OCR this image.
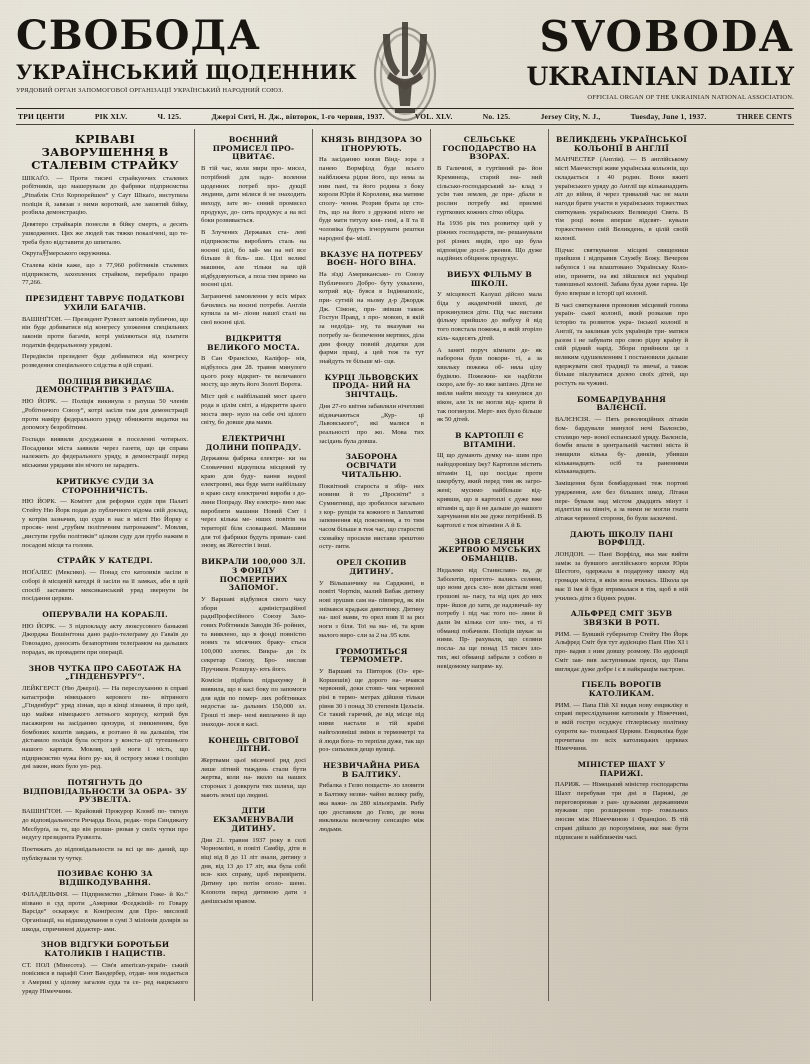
СВОБОДА
УКРАЇНСЬКИЙ ЩОДЕННИК
УРЯДОВИЙ ОРГАН ЗАПОМОГОВОЇ ОРГАНІЗАЦІЇ УКРАЇНСЬКИЙ НАРОДНИЙ СОЮЗ.
SVOBODA
UKRAINIAN DAILY
OFFICIAL ORGAN OF THE UKRAINIAN NATIONAL ASSOCIATION.
ТРИ ЦЕНТИ	РІК XLV.	Ч. 125.	Джерзі Ситі, Н. Дж., вівторок, 1-го червня, 1937.	VOL. XLV.	No. 125.	Jersey City, N. J.,	Tuesday, June 1, 1937.	THREE CENTS
КРІВАВІ ЗАВОРУШЕННЯ В СТАЛЕВІМ СТРАЙКУ

ШІКАҐО. — Проти тисячі страйкуючих сталевих робітників, що машерували до фабрики підприємства „Ріпаблік Стіл Корпорейшен“ у Саут Шікаґо, виступила поліція й, завязав з ними короткий, але завзятий бійку, розбила демонстрацію.

Девятеро страйкарів понесли в бійку смерть, а десять ушкоджених. Цих же людей так тяжко покалічені, що те-треба було відставити до шпиталю.

Округа府мерського окружника.

Сталева кінія каже, що з 77,960 робітників сталевих підприємств, захоплених страйком, перебрало працю 77,266.

ПРЕЗИДЕНТ ТАВРУЄ ПОДАТКОВІ УХИЛИ БАГАЧІВ.

ВАШІНҐТОН. — Президент Рузвелт заповів публично, що він буде добиватися від конгресу уложення спеціяльних законів проти багачів, котрі уміляються від платити податків федеральному урядові.

Передівсім президент буде добиватися від конгресу розведення спеціяльного слідства в цій справі.

ПОЛІЦІЯ ВИКИДАЄ ДЕМОНСТРАНТІВ З РАТУША.

НЮ ЙОРК. — Поліція викинула з ратуша 50 членів „Робітничого Союзу“, котрі засіли там для демонстрації проти наміру федерального уряду обнижити видатки на допомогу безробітним.

Госпадн виявили досуджання в поселенні чотирьох. Посадники міста заявили через газети, що ця справа належить до федерального уряду, в демонстрації перед міськими урядами він нічого не зарадить.

КРИТИКУЄ СУДИ ЗА СТОРОННИЧІСТЬ.

НЮ ЙОРК. — Комітет для реформи судів при Палаті Стейту Ню Йорк подав до публичного відома свій доклад, у котрім зазначив, що суди в нас в місті Ню Йорку є просяк- нені „грубим політичним патронажем“. Мовляв, „виступи груби політиків“ цілком суду для грубо нажим в посадові місця та голови.

СТРАЙК У КАТЕДРІ.

НОҐАЛЕС (Мексико). — Понад сто католиків засіли в соборі й місцевій катедрі й засіли на її замках, аби в цей спосіб заставити мексиканський уряд звернути їм посідання церкви.

ОПЕРУВАЛИ НА КОРАБЛІ.

НЮ ЙОРК. — З підпокладу акту люксусового банькові Джорджа Вошінґтона дано радіо-телеґраму до Гаваїв до Говозадно, доносять безапортним телеґрамом на дальших порадах, як провадити при операції.

ЗНОВ ЧУТКА ПРО САБОТАЖ НА „ГІНДЕНБУРГУ“.

ЛЕЙКГЕРСТ (Ню Джерзі). — На переслуханню в справі катастрофи німецького керового по- вітряного „Гінденбурґ“ уряд зізнав, що в кінці зізнання, й про цей, що майже німецького летнього корпусу, котрий був пасажиром на засіданню цензури, зі зникненням, був бомбових коштів завдань, я розтано й на дальшім, тім діставило поліція була острога у конста- ції тутешнього нашого карпати. Мовляв, цей ноги і ність, що підприємство чужа його ру- ки, й острогу може і поліцію дні закон, яких було уп- ред.

ПОТЯГНУТЬ ДО ВІДПОВІДАЛЬНОСТИ ЗА ОБРА- ЗУ РУЗВЕЛТА.

ВАШІНҐТОН. — Крайовий Прокурор Кломб по- тягнув до відповідальности Ричарда Вола, редак- тора Синдикату Месбурґа, за те, що він розши- рював у своїх чутки про недугу президента Рузвелта.

Поетяжать до відповідальности за всі це ви- даний, що публікували ту чутку.

ПОЗИВАЄ КОНЮ ЗА ВІДШКОДУВАННЯ.

ФІЛАДЕЛЬФІЯ. — Підприємство „Ейткен Гоже- й Ко.“ візвано в суд проти „Америки Фседжіній- го Говару Варсіде“ оскаржує в Конґресом для Про- мисловії Організації, на відшкодування в сумі 3 міліонів долярів за шкода, спричинені дідактер- ами.

ЗНОВ ВІДГУКИ БОРОТЬБИ КАТОЛИКІВ І НАЦИСТІВ.

СТ. ПОЛ (Мінесота). — Сім'я american-україн- ський повісився в парафії Сент Вандербер, отдав- нов подається з Америкі у цілому загалом суда та се- ред нациського уряду Німеччини.

ВОЄННИЙ ПРОМИСЕЛ ПРО- ЦВИТАЄ.

В тій час, коли мири про- мисел, потрібний для задо- волення щоденних потреб про- дукції людини, дати мілися й не знаходить виходу, зате во- єнний промисел продукує, до- сить продукує а на всі боки розвивається.

В Злучених Державах ста- леві підприємства вироблять сталь на воєнні цілі, бо зай- ми на неї все більше й біль- ше. Цілі великі машини, але тільки на цій відбудовуються, а поза тим прямо на воєнні цілі.

Заграничні замовлення у всіх мірах бачились на воєнні потреби. Англія купила за мі- ліони нашої сталі на свої воєнні цілі.

ВІДКРИТТЯ ВЕЛИКОГО МОСТА.

В Сан Франсіско, Каліфор- нія, відбулось дня 28. травня минулого цього року відкрит- тя величавого мосту, що звуть його Золоті Ворота.

Міст цей є найбільший мост цього рода в цілім світі, а відкриття цього моста звер- нуло на себе очі цілого світу, бо довше два мами.

ЕЛЕКТРИЧНІ ДОЛИНИ ПОПРАДУ.

Державна фабрика електри- ки на Словаччині відкупила місцевий ту краю для буду- вання водної електровні, яка буде мати найбільшу в краю силу електричні вироби з до- лини Попраду. Яку електро- вню має виробляти машини Новий Смт і через кілька ме- нших повітів на території біля словацької. Машини для тої фабрики будуть приван- сані знову, як Жегестів і інші.

ВИКРАЛИ 100,000 ЗЛ. З ФОНДУ ПОСМЕРТНИХ ЗАПОМОГ.

У Варшаві відбулися свого часу збори адміністраційної радиПрофесійного Союзу Зало- гових Робітників Заводів Зб- ройних, та виявлено, що в фонді повністю нових та місячних браку- ється 100,000 злотих. Викра- ди їх секретар Союзу, Бро- нислав Пручиков. Розшуку- ють його.

Комісія підбила підрахунку й виявила, що в касі боку по запомоги для вдів по помер- лих робітниках недостає за- дальних 150,000 зл. Гроші ті звер- нені виплачено й що знаходи- лося в касі.

КОНЕЦЬ СВІТОВОЇ ЛІТНИ.

Жертвами цьої місячної ряд досі лише літний тиждень стали бути жертва, коли на- вколо на наших сторонах і довкруги тих шляхи, що мають землі що людині.

ДІТИ ЕКЗАМЕНУВАЛИ ДИТИНУ.

Дня 21. травня 1937 року в селі Чорномліні, в повіті Самбір, діти в віці від 8 до 11 літ знали, дитину з дня, від 13 до 17 літ, яка була собі вся- ких справу, щоб перевірити. Дитину цю потім оголо- шено. Клопоти перед дитиною дати з данішськім нравом.

КНЯЗЬ ВІНДЗОРА ЗО ІГНОРУЮТЬ.

На засіданню князя Вінд- зора з панею Вормфілд буде всього найближча рідня його, що нема за ним пані, та його родина з боку короля Юрія й Королеви, яка матиме сполу- чення. Розрив брата це сто- їть, що на його з дружині ніхто не буде мати титулу кня- гині, а її та її чоловіка будуть ігнорувати рештки народної фа- мілії.

ВКАЗУЄ НА ПОТРЕБУ ВОЄН- НОГО ВІНА.

На зїзді Американсько- го Союзу Публичного Добро- буту ухвалено, котрий від- бувся в Індіянаполіс, при- сутній на ньому д-р Джордж Дж. Сімонс, при- звівши також Гостун Правд, з про- мовою, в якій за недоїда- ну, та вказував на потребу за- безпечення мертвих, діла дим фонду повній додатки для фарми праці, а цей теж та тут знайдуть те більше мі- сця.

КУРЦІ ЛЬВОВСКИХ ПРОДА- НИЙ НА ЗНІЧТАЦЬ.

Дня 27-го квітня забавляли нічетливі відзначаються „Кур- ці Львовського“, які малися в реальності про жо. Мова тих засідань була довша.

ЗАБОРОНА ОСВІЧАТИ ЧИТАЛЬНЮ.

Поквітний староста в збір- них новини й то „Просвіти“ з Сумнитниці, що зробилося загально з кор- рупція та кожного в Заплатові запевнення від пояснення, а то тим часом більше в теж час, що старостві сховайку просили вистави зрештою осту- пити.

ОРЕЛ СКОПИВ ДИТИНУ.

У Вільшанчику на Сарджині, в повіті Чортків, малий Бибак дитину нові зрушив сам на- півперед, як він знімався крадьки дивотинку. Дитину на- шої мами, то орел взяв її за риз ноги з біля. Тої на ма- ні, та крив малого виро- сли за 2 на .95 кли.

ГРОМОТИТЬСЯ ТЕРМОМЕТР.

У Варшаві та Півторок (Оз- ере-Коршешів) ще дорого на- вчався червоний, доки стовп- чик червоної ріні в термо- метрах дійшов тільки рівня 30 і понад 30 степенів Цельсія. Се такий гарячий, де від місце під ними настали в тій країні найголовніші зміни в термометрі та й люди бога- то терпіли дуже, так що роз- сипалися дещо вулиці.

НЕЗВИЧАЙНА РИБА В БАЛТИКУ.

Рибалка з Гелю пощасти- ло зловити в Балтику незви- чайно велику рибу, яка важи- ла 280 кільоґрамів. Рибу цю доставили до Гелю, де вона викликала величезну сенсацію між людьми.

СЕЛЬСЬКЕ ГОСПОДАРСТВО НА ВЗОРАХ.

В Галичині, в гуртівний ра- йон Кремянець, старий зна- ний сільсько-господарський за- клад з усім там землев, де при- дбали в рослин потребу які приємні гурткових кожних сітко обідра.

На 1936 рік тих розвитку цей у ріжних господарств, пе- решанували рої різних видів, про що була відповідне дослі- дження. Що дуже надійних обіцянок продукує.

ВИБУХ ФІЛЬМУ В ШКОЛІ.

У місцевості Калуші дійсно мала біда у академічній школі, де прокинулися діти. Під час вистави фільму прийшло до вибуху й від того повстала пожежа, в якій згоріло кіль- кадесять дітей.

А заняті поруч кімнати де- як наборона були покори- ті, а за хвильку пожежа об- няла цілу будівлю. Пожежни- ки надбігли скоро, але бу- ло вже запізно. Діти не вміли найти виходу та кинулися до вікон, але їх не могли від- крити й так погинули. Мерт- вих було більше як 50 дітей.

В КАРТОПЛІ Є ВІТАМІНИ.

Щ що думають думку на- шим про найздоровішу їжу? Картопля містить вітамін Ц, що посідає проти шкорбуту, який перед тим як загро- жені; мусимо найбільше від- кривши, що в картоплі є дуже вже вітамін ц, що й не дальше до нашого харчування він же дуже потрібний. В картоплі є теж вітаміни А й Б.

ЗНОВ СЕЛЯНИ ЖЕРТВОЮ МУСЬКИХ ОБМАНЦІВ.

Недалеко від Станиславо- ва, де Заболотів, пригото- вались селяни, що вони десь сло- вом дістали нові грошові за- пасу, та від цих до них при- йшов до хати, де надзвичай- ну потребу і під час того по- ляни й дали їм кілька сот зло- тих, а ті обманці побачили. Поліція шукає за ними. Пр- рахували, що селяни посла- ла ще понад 15 тисяч зло- тих, які обманці забрали з собою в невідомому напрям- ку.

ВЕЛИКДЕНЬ УКРАЇНСЬКОЇ КОЛЬОНІЇ В АНГЛІЇ

МАНЧЕСТЕР (Англія). — В англійському місті Манчестері живе українська кольонія, що складається з 40 родин. Вони вжиті українського уряду до Англії ще кільканадцять літ до війни, й через тривалий час не мали нагоди брати участи в українських торжествах святкувань українських Великодні Свята. В тім році вони вперше відсвят- кували торжественно свій Великдень, в цілій своїй колонії.

Підчас святкування місцеві священики прийшов і відправив Службу Божу. Вечером забулося і на влаштовано Українську Коло- нію, приняти, на які зійшлися всі українці тамошньої колонії. Забава була дуже гарна. Це було вперше в історії цеї колонії.

В часі святкування промовив місцевий голова україн- ської колонії, який розказав про історію та розвиток укра- їнської колонії в Англії, та закликав усіх українців три- матися разом і не забувати про свою рідну країну й свій рідний нарід. Збори прийняли це з великим одушевленням і постановили дальше вдержувати свої традиції та звичаї, а також більше піклуватися долею своїх дітей, що ростуть на чужині.

БОМБАРДУВАННЯ ВАЛЄНСІЇ.

ВАЛЄНСІЯ. — Пять революційних літаків бом- бардували минулої ночі Валєнсію, столицю чер- воної еспанської уряду. Валєнсія, бомби впали в центральній частині міста й знищили кілька бу- динків, убивши кільканадцять осіб та раненнями кільканадцять.

Заміщення були бомбардовані теж портові урядження, але без більших шкод. Літаки пере- бували над містом двадцять мінут і відлетіли на північ, а за ними не могли гнати літаки червоної сторони, бо були заскочені.

ДАЮТЬ ШКОЛУ ПАНІ ВОРФІЛД.

ЛОНДОН. — Пані Ворфілд, яка має вийти заміж за бувшого англійського короля Юрія Шестого, одержала в подарунку школу від громади міста, в якім вона вчилась. Школа ця має її імя й буде втрималася в тім, щоб в ній учились діти з бідних родин.

АЛЬФРЕД СМІТ ЗБУВ ЗВЯЗКИ В РОТІ.

РИМ. — Бувший губернатор Стейту Ню Йорк Альфред Сміт був тут аудієнцію Папі Пію XI і про- вадив з ним довшу розмову. По аудієнції Сміт зая- вив заступникам преси, що Папа виглядає дуже добре і є в найкращім настрою.

ГІБЕЛЬ ВОРОГІВ КАТОЛИКАМ.

РИМ. — Папа Пій XI видав нову енцикліку в справі переслідування католиків у Німеччині, в якій гостро осуджує гітлерівську політику супроти ка- толицької Церкви. Енцикліка буде прочитана по всіх католицьких церквах Німеччини.

МІНІСТЕР ШАХТ У ПАРИЖІ.

ПАРИЖ. — Німецький міністер господарства Шахт перебував три дні в Парижі, де переговорював з ран- цузькими державними мужами про розширення тор- говельних зносин між Німеччиною і Францією. В тій справі дійшло до порозуміння, яке має бути підписане в найближчім часі.
